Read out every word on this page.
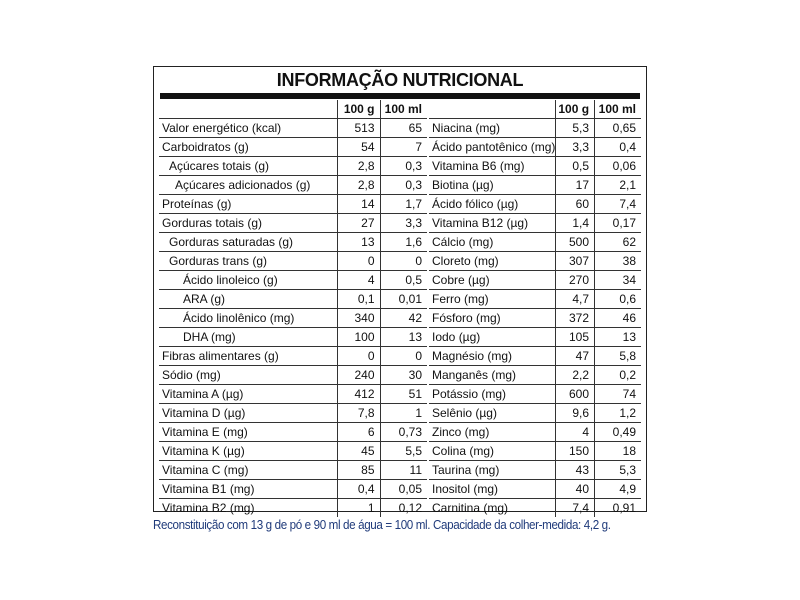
INFORMAÇÃO NUTRICIONAL
	100 g	100 ml
Valor energético (kcal)	513	65
Carboidratos (g)	54	7
Açúcares totais (g)	2,8	0,3
Açúcares adicionados (g)	2,8	0,3
Proteínas (g)	14	1,7
Gorduras totais (g)	27	3,3
Gorduras saturadas (g)	13	1,6
Gorduras trans (g)	0	0
Ácido linoleico (g)	4	0,5
ARA (g)	0,1	0,01
Ácido linolênico (mg)	340	42
DHA (mg)	100	13
Fibras alimentares (g)	0	0
Sódio (mg)	240	30
Vitamina A (µg)	412	51
Vitamina D (µg)	7,8	1
Vitamina E (mg)	6	0,73
Vitamina K (µg)	45	5,5
Vitamina C (mg)	85	11
Vitamina B1 (mg)	0,4	0,05
Vitamina B2 (mg)	1	0,12
	100 g	100 ml
Niacina (mg)	5,3	0,65
Ácido pantotênico (mg)	3,3	0,4
Vitamina B6 (mg)	0,5	0,06
Biotina (µg)	17	2,1
Ácido fólico (µg)	60	7,4
Vitamina B12 (µg)	1,4	0,17
Cálcio (mg)	500	62
Cloreto (mg)	307	38
Cobre (µg)	270	34
Ferro (mg)	4,7	0,6
Fósforo (mg)	372	46
Iodo (µg)	105	13
Magnésio (mg)	47	5,8
Manganês (mg)	2,2	0,2
Potássio (mg)	600	74
Selênio (µg)	9,6	1,2
Zinco (mg)	4	0,49
Colina (mg)	150	18
Taurina (mg)	43	5,3
Inositol (mg)	40	4,9
Carnitina (mg)	7,4	0,91
Reconstituição com 13 g de pó e 90 ml de água = 100 ml. Capacidade da colher-medida: 4,2 g.
